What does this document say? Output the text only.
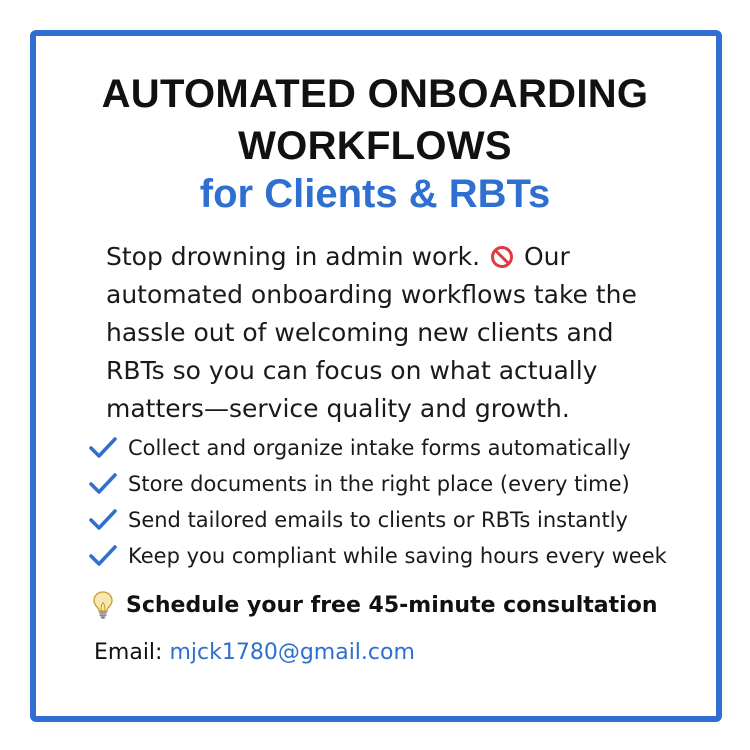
AUTOMATED ONBOARDING
WORKFLOWS
for Clients & RBTs
Stop drowning in admin work. Our
automated onboarding workflows take the
hassle out of welcoming new clients and
RBTs so you can focus on what actually
matters—service quality and growth.
Collect and organize intake forms automatically
Store documents in the right place (every time)
Send tailored emails to clients or RBTs instantly
Keep you compliant while saving hours every week
Schedule your free 45-minute consultation
Email: mjck1780@gmail.com
